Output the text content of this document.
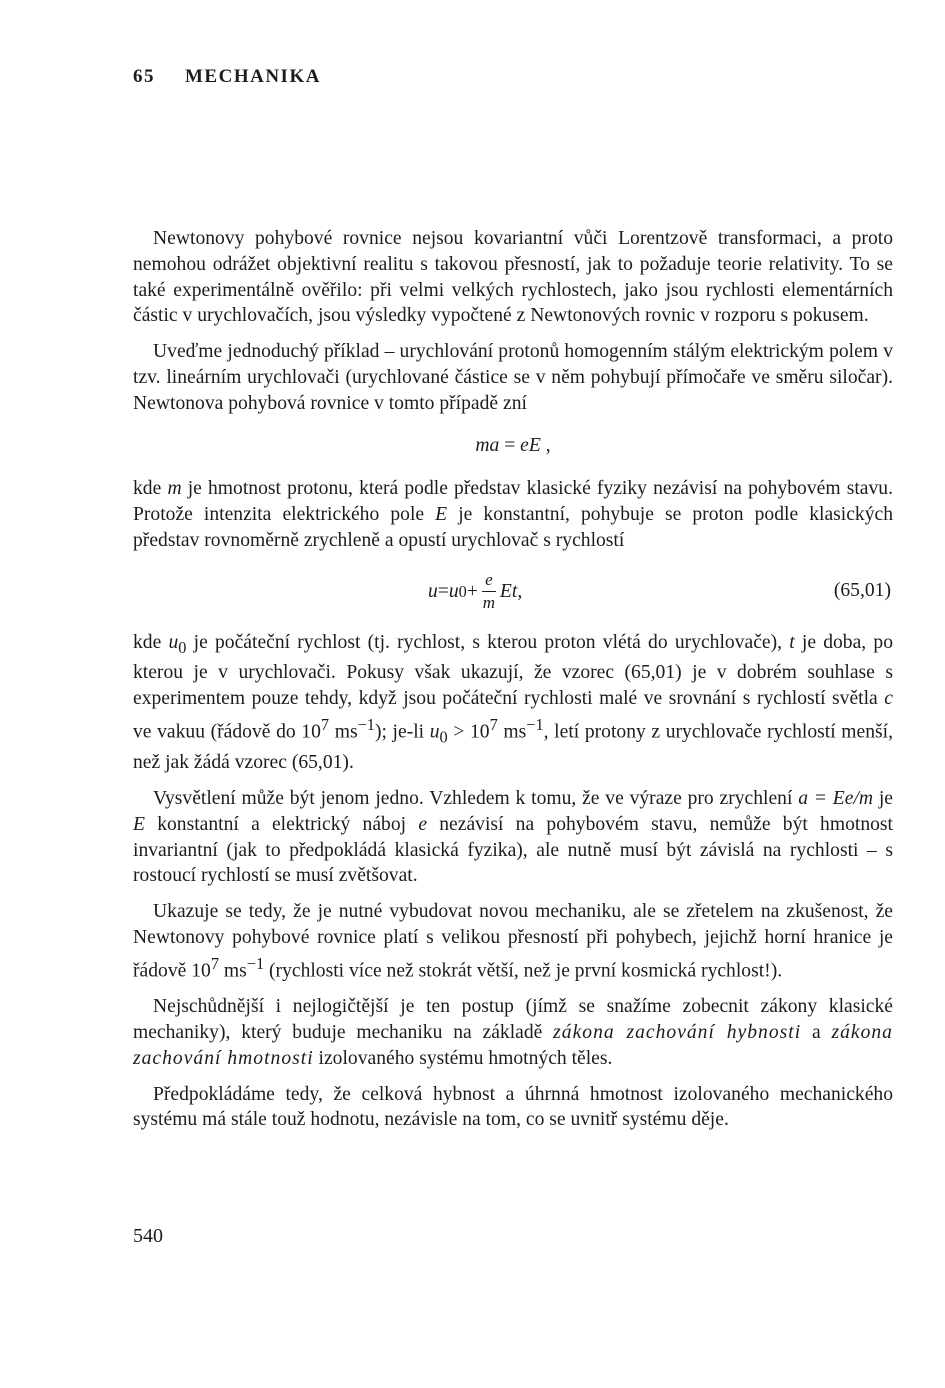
65 MECHANIKA

Newtonovy pohybové rovnice nejsou kovariantní vůči Lorentzově transformaci, a proto nemohou odrážet objektivní realitu s takovou přesností, jak to požaduje teorie relativity. To se také experimentálně ověřilo: při velmi velkých rychlostech, jako jsou rychlosti elementárních částic v urychlovačích, jsou výsledky vypočtené z Newtonových rovnic v rozporu s pokusem.

Uveďme jednoduchý příklad – urychlování protonů homogenním stálým elektrickým polem v tzv. lineárním urychlovači (urychlované částice se v něm pohybují přímočaře ve směru siločar). Newtonova pohybová rovnice v tomto případě zní

ma = eE ,

kde m je hmotnost protonu, která podle představ klasické fyziky nezávisí na pohybovém stavu. Protože intenzita elektrického pole E je konstantní, pohybuje se proton podle klasických představ rovnoměrně zrychleně a opustí urychlovač s rychlostí

u = u $0 + \frac{e}{m}$ Et ,	(65,01)

kde $u_0$ je počáteční rychlost (tj. rychlost, s kterou proton vlétá do urychlovače), t je doba, po kterou je v urychlovači. Pokusy však ukazují, že vzorec (65,01) je v dobrém souhlase s experimentem pouze tehdy, když jsou počáteční rychlosti malé ve srovnání s rychlostí světla c ve vakuu (řádově do $10^7$ $ms^{-1}$); je-li $u_0 > 10^7$ $ms^{-1}$, letí protony z urychlovače rychlostí menší, než jak žádá vzorec (65,01).

Vysvětlení může být jenom jedno. Vzhledem k tomu, že ve výraze pro zrychlení a = Ee/m je E konstantní a elektrický náboj e nezávisí na pohybovém stavu, nemůže být hmotnost invariantní (jak to předpokládá klasická fyzika), ale nutně musí být závislá na rychlosti – s rostoucí rychlostí se musí zvětšovat.

Ukazuje se tedy, že je nutné vybudovat novou mechaniku, ale se zřetelem na zkušenost, že Newtonovy pohybové rovnice platí s velikou přesností při pohybech, jejichž horní hranice je řádově $10^7$ $ms^{-1}$ (rychlosti více než stokrát větší, než je první kosmická rychlost!).

Nejschůdnější i nejlogičtější je ten postup (jímž se snažíme zobecnit zákony klasické mechaniky), který buduje mechaniku na základě zákona zachování hybnosti a zákona zachování hmotnosti izolovaného systému hmotných těles.

Předpokládáme tedy, že celková hybnost a úhrnná hmotnost izolovaného mechanického systému má stále touž hodnotu, nezávisle na tom, co se uvnitř systému děje.

540
